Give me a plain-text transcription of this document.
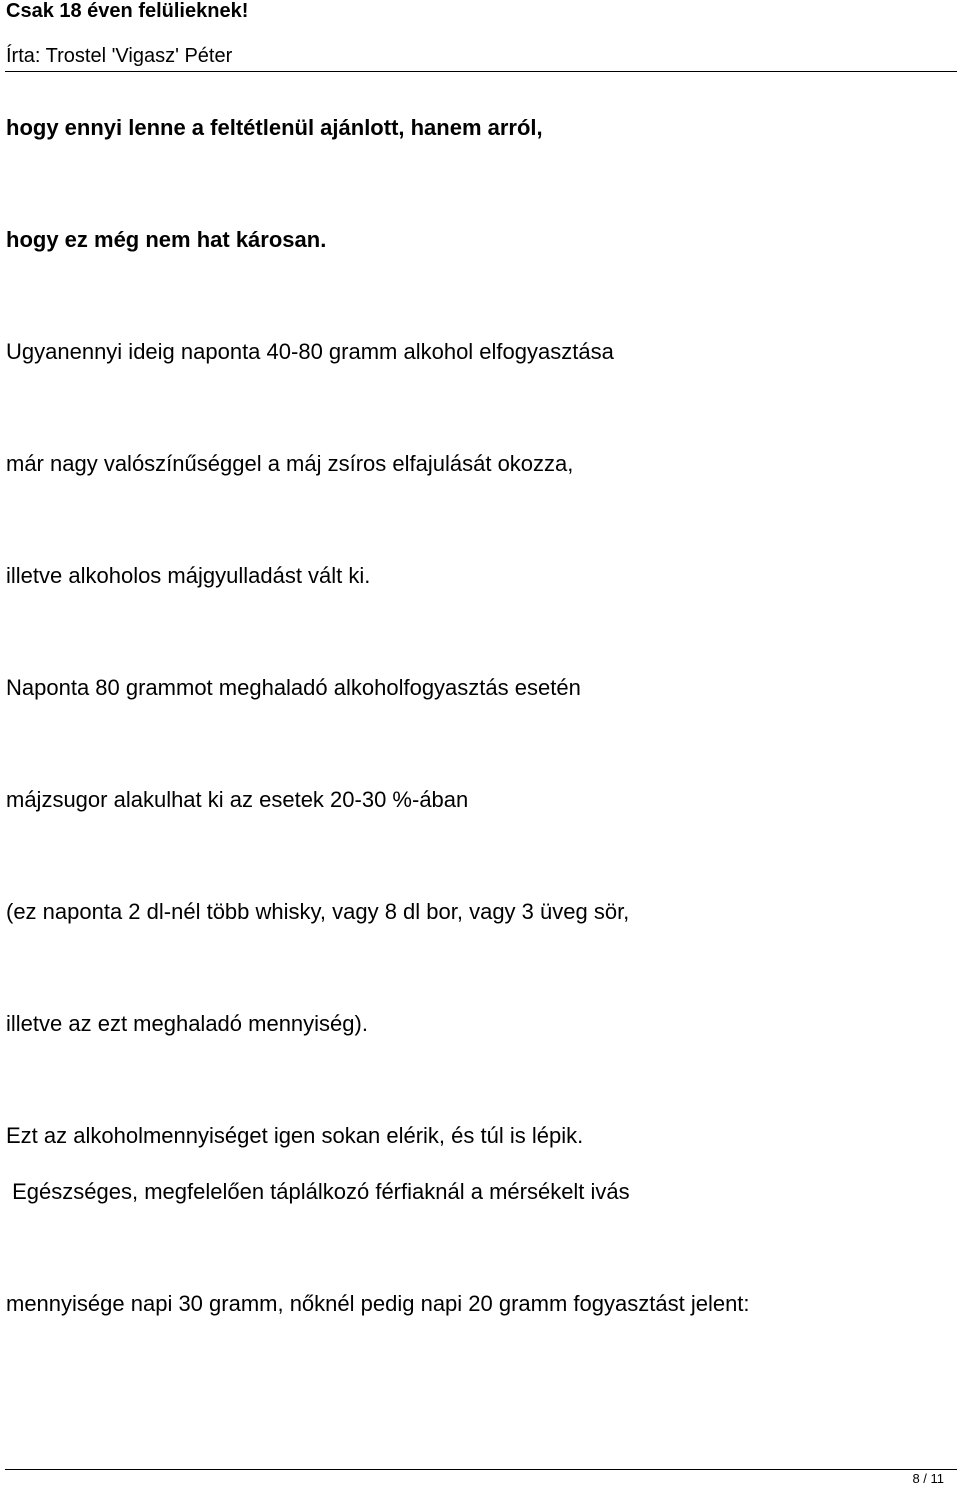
Csak 18 éven felülieknek!
Írta: Trostel 'Vigasz' Péter
hogy ennyi lenne a feltétlenül ajánlott, hanem arról,
hogy ez még nem hat károsan.
Ugyanennyi ideig naponta 40-80 gramm alkohol elfogyasztása
már nagy valószínűséggel a máj zsíros elfajulását okozza,
illetve alkoholos májgyulladást vált ki.
Naponta 80 grammot meghaladó alkoholfogyasztás esetén
májzsugor alakulhat ki az esetek 20-30 %-ában
(ez naponta 2 dl-nél több whisky, vagy 8 dl bor, vagy 3 üveg sör,
illetve az ezt meghaladó mennyiség).
Ezt az alkoholmennyiséget igen sokan elérik, és túl is lépik.
Egészséges, megfelelően táplálkozó férfiaknál a mérsékelt ivás
mennyisége napi 30 gramm, nőknél pedig napi 20 gramm fogyasztást jelent:
8 / 11
